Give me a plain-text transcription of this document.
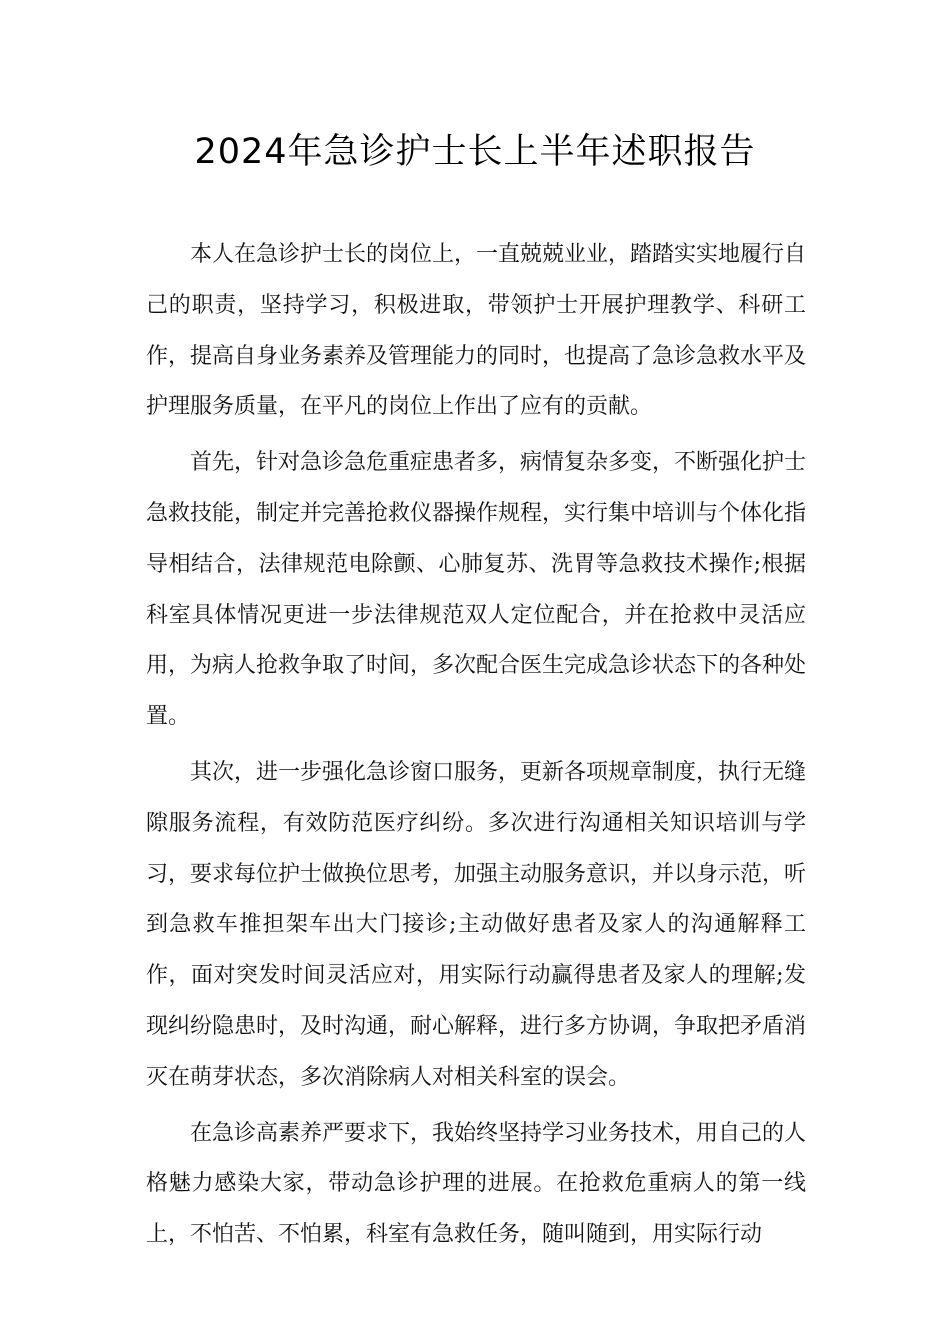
2024年急诊护士长上半年述职报告

本人在急诊护士长的岗位上，一直兢兢业业，踏踏实实地履行自己的职责，坚持学习，积极进取，带领护士开展护理教学、科研工作，提高自身业务素养及管理能力的同时，也提高了急诊急救水平及护理服务质量，在平凡的岗位上作出了应有的贡献。

首先，针对急诊急危重症患者多，病情复杂多变，不断强化护士急救技能，制定并完善抢救仪器操作规程，实行集中培训与个体化指导相结合，法律规范电除颤、心肺复苏、洗胃等急救技术操作;根据科室具体情况更进一步法律规范双人定位配合，并在抢救中灵活应用，为病人抢救争取了时间，多次配合医生完成急诊状态下的各种处置。

其次，进一步强化急诊窗口服务，更新各项规章制度，执行无缝隙服务流程，有效防范医疗纠纷。多次进行沟通相关知识培训与学习，要求每位护士做换位思考，加强主动服务意识，并以身示范，听到急救车推担架车出大门接诊;主动做好患者及家人的沟通解释工作，面对突发时间灵活应对，用实际行动赢得患者及家人的理解;发现纠纷隐患时，及时沟通，耐心解释，进行多方协调，争取把矛盾消灭在萌芽状态，多次消除病人对相关科室的误会。

在急诊高素养严要求下，我始终坚持学习业务技术，用自己的人格魅力感染大家，带动急诊护理的进展。在抢救危重病人的第一线上，不怕苦、不怕累，科室有急救任务，随叫随到，用实际行动
